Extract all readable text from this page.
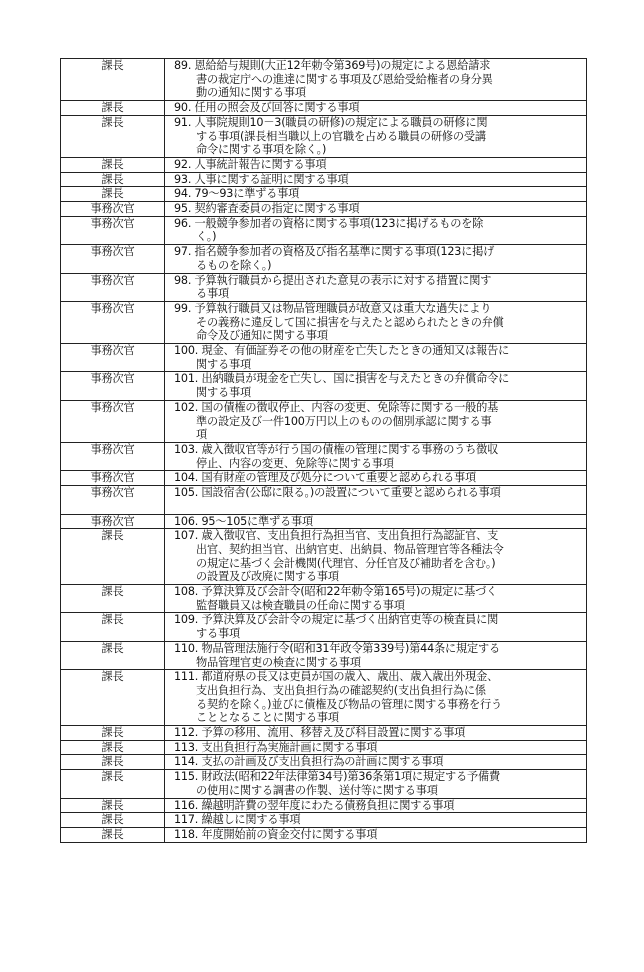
課長	89. 恩給給与規則(大正12年勅令第369号)の規定による恩給請求
書の裁定庁への進達に関する事項及び恩給受給権者の身分異
動の通知に関する事項

課長	90. 任用の照会及び回答に関する事項

課長	91. 人事院規則10－3(職員の研修)の規定による職員の研修に関
する事項(課長相当職以上の官職を占める職員の研修の受講
命令に関する事項を除く。)

課長	92. 人事統計報告に関する事項

課長	93. 人事に関する証明に関する事項

課長	94. 79～93に準ずる事項

事務次官	95. 契約審査委員の指定に関する事項

事務次官	96. 一般競争参加者の資格に関する事項(123に掲げるものを除
く。)

事務次官	97. 指名競争参加者の資格及び指名基準に関する事項(123に掲げ
るものを除く。)

事務次官	98. 予算執行職員から提出された意見の表示に対する措置に関す
る事項

事務次官	99. 予算執行職員又は物品管理職員が故意又は重大な過失により
その義務に違反して国に損害を与えたと認められたときの弁償
命令及び通知に関する事項

事務次官	100. 現金、有価証券その他の財産を亡失したときの通知又は報告に
関する事項

事務次官	101. 出納職員が現金を亡失し、国に損害を与えたときの弁償命令に
関する事項

事務次官	102. 国の債権の徴収停止、内容の変更、免除等に関する一般的基
準の設定及び一件100万円以上のものの個別承認に関する事
項

事務次官	103. 歳入徴収官等が行う国の債権の管理に関する事務のうち徴収
停止、内容の変更、免除等に関する事項

事務次官	104. 国有財産の管理及び処分について重要と認められる事項

事務次官	105. 国設宿舎(公邸に限る。)の設置について重要と認められる事項

事務次官	106. 95～105に準ずる事項

課長	107. 歳入徴収官、支出負担行為担当官、支出負担行為認証官、支
出官、契約担当官、出納官吏、出納員、物品管理官等各種法令
の規定に基づく会計機関(代理官、分任官及び補助者を含む。)
の設置及び改廃に関する事項

課長	108. 予算決算及び会計令(昭和22年勅令第165号)の規定に基づく
監督職員又は検査職員の任命に関する事項

課長	109. 予算決算及び会計令の規定に基づく出納官吏等の検査員に関
する事項

課長	110. 物品管理法施行令(昭和31年政令第339号)第44条に規定する
物品管理官吏の検査に関する事項

課長	111. 都道府県の長又は吏員が国の歳入、歳出、歳入歳出外現金、
支出負担行為、支出負担行為の確認契約(支出負担行為に係
る契約を除く。)並びに債権及び物品の管理に関する事務を行う
こととなることに関する事項

課長	112. 予算の移用、流用、移替え及び科目設置に関する事項

課長	113. 支出負担行為実施計画に関する事項

課長	114. 支払の計画及び支出負担行為の計画に関する事項

課長	115. 財政法(昭和22年法律第34号)第36条第1項に規定する予備費
の使用に関する調書の作製、送付等に関する事項

課長	116. 繰越明許費の翌年度にわたる債務負担に関する事項

課長	117. 繰越しに関する事項

課長	118. 年度開始前の資金交付に関する事項
